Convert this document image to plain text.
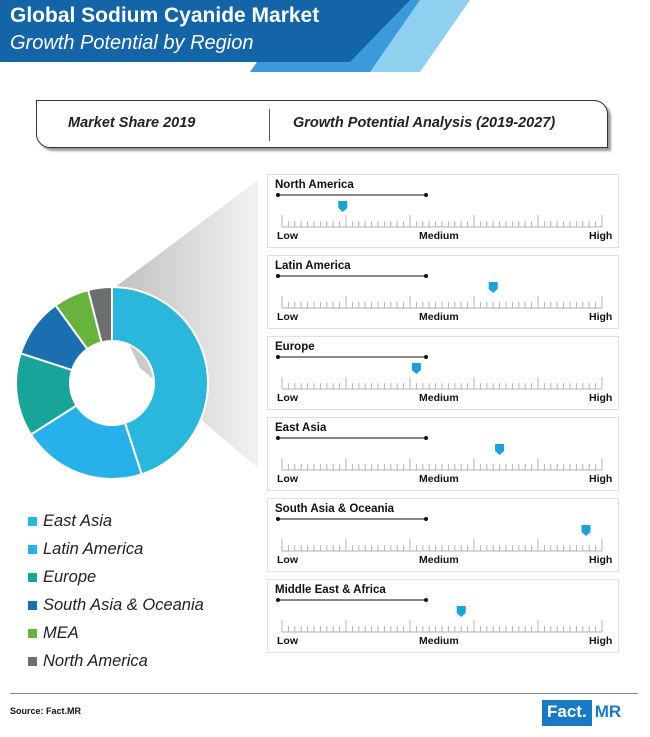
Global Sodium Cyanide Market
Growth Potential by Region
Market Share 2019	Growth Potential Analysis (2019-2027)
East Asia
Latin America
Europe
South Asia & Oceania
MEA
North America
North America
Low	Medium	High
Latin America
Low	Medium	High
Europe
Low	Medium	High
East Asia
Low	Medium	High
South Asia & Oceania
Low	Medium	High
Middle East & Africa
Low	Medium	High
Source: Fact.MR	Fact. MR
